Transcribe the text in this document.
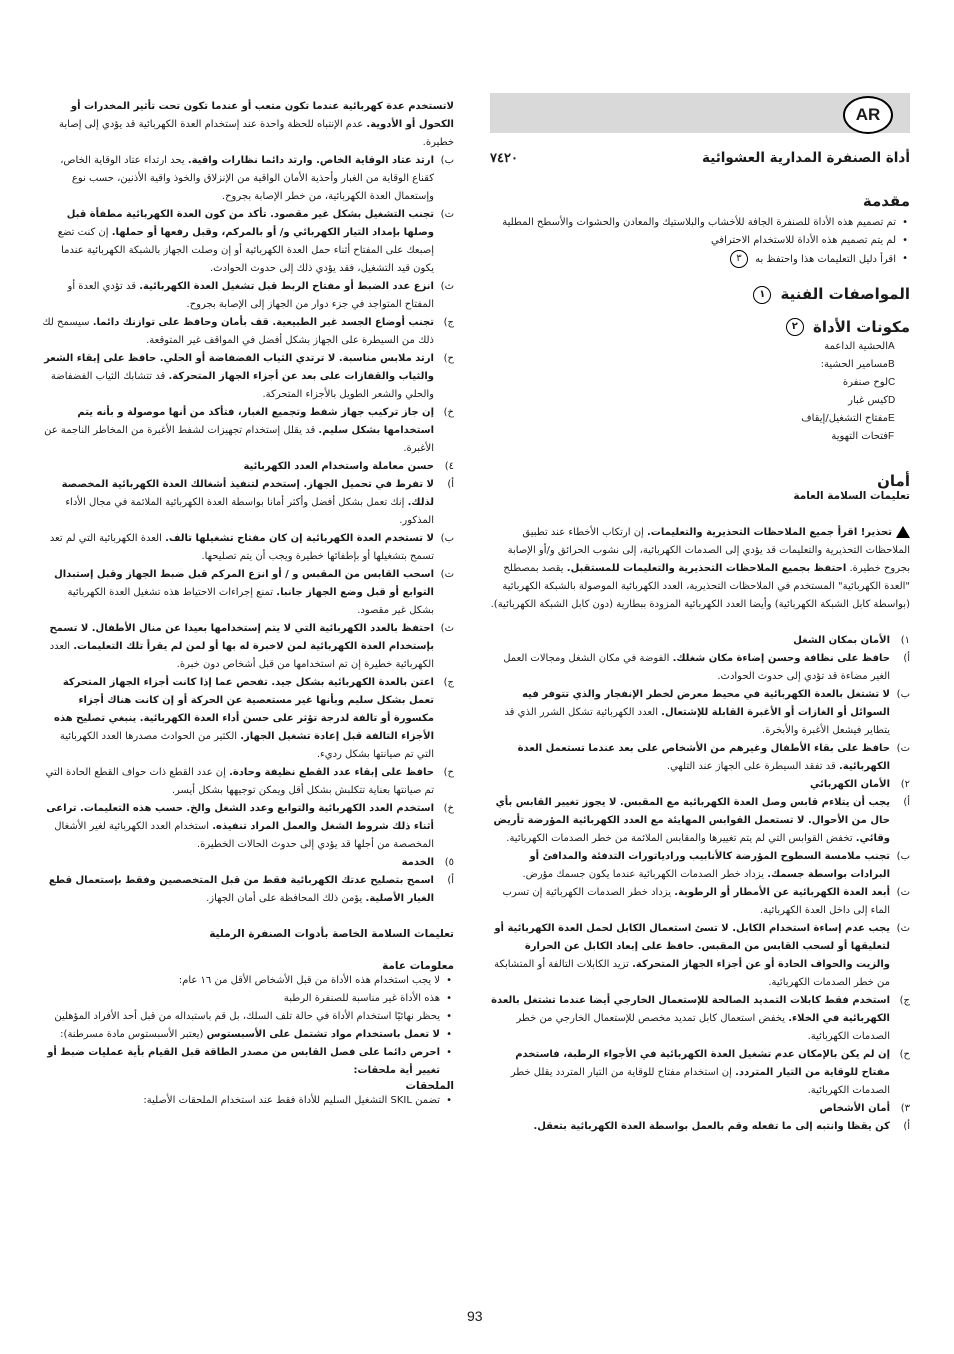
AR
أداة الصنفرة المدارية العشوائية
٧٤٢٠
مقدمة
• تم تصميم هذه الأداة للصنفرة الجافة للأخشاب والبلاستيك والمعادن والحشوات والأسطح المطلية
• لم يتم تصميم هذه الأداة للاستخدام الاحترافي
• اقرأ دليل التعليمات هذا واحتفظ به ٣
المواصفات الفنية ١
مكونات الأداة ٢
A
الحشية الداعمة
B
مسامير الحشية:
C
لوح صنفرة
D
كيس غبار
E
مفتاح التشغيل/إيقاف
F
فتحات التهوية
أمان
تعليمات السلامة العامة

تحذير! اقرأ جميع الملاحظات التحذيرية والتعليمات. إن ارتكاب الأخطاء عند تطبيق الملاحظات التحذيرية والتعليمات قد يؤدي إلى الصدمات الكهربائية، إلى نشوب الحرائق و/أو الإصابة بجروح خطيرة. احتفظ بجميع الملاحظات التحذيرية والتعليمات للمستقبل. يقصد بمصطلح "العدة الكهربائية" المستخدم في الملاحظات التحذيرية، العدد الكهربائية الموصولة بالشبكة الكهربائية (بواسطة كابل الشبكة الكهربائية) وأيضا العدد الكهربائية المزودة ببطارية (دون كابل الشبكة الكهربائية).

١)
الأمان بمكان الشغل
أ)
حافظ على نظافة وحسن إضاءة مكان شغلك. الفوضة في مكان الشغل ومجالات العمل الغير مضاءة قد تؤدي إلى حدوث الحوادث.
ب)
لا تشتغل بالعدة الكهربائية في محيط معرض لخطر الإنفجار والذي تتوفر فيه السوائل أو الغازات أو الأغبرة القابلة للإشتعال. العدد الكهربائية تشكل الشرر الذي قد يتطاير فيشعل الأغبرة والأبخرة.
ت)
حافظ على بقاء الأطفال وغيرهم من الأشخاص على بعد عندما تستعمل العدة الكهربائية. قد تفقد السيطرة على الجهاز عند التلهي.
٢)
الأمان الكهربائي
أ)
يجب أن يتلاءم قابس وصل العدة الكهربائية مع المقبس. لا يجوز تغيير القابس بأي حال من الأحوال. لا تستعمل القوابس المهايئة مع العدد الكهربائية المؤرضة تأريض وقائي. تخفض القوابس التي لم يتم تغييرها والمقابس الملائمة من خطر الصدمات الكهربائية.
ب)
تجنب ملامسة السطوح المؤرضة كالأنابيب ورادياتورات التدفئة والمدافئ أو البرادات بواسطة جسمك. يزداد خطر الصدمات الكهربائية عندما يكون جسمك مؤرض.
ت)
أبعد العدة الكهربائية عن الأمطار أو الرطوبة. يزداد خطر الصدمات الكهربائية إن تسرب الماء إلى داخل العدة الكهربائية.
ث)
يجب عدم إساءة استخدام الكابل. لا تسئ استعمال الكابل لحمل العدة الكهربائية أو لتعليقها أو لسحب القابس من المقبس. حافظ على إبعاد الكابل عن الحرارة والزيت والحواف الحادة أو عن أجزاء الجهاز المتحركة. تزيد الكابلات التالفة أو المتشابكة من خطر الصدمات الكهربائية.
ج)
استخدم فقط كابلات التمديد الصالحة للإستعمال الخارجي أيضا عندما تشتغل بالعدة الكهربائية في الخلاء. يخفض استعمال كابل تمديد مخصص للإستعمال الخارجي من خطر الصدمات الكهربائية.
ح)
إن لم يكن بالإمكان عدم تشغيل العدة الكهربائية في الأجواء الرطبة، فاستخدم مفتاح للوقاية من التيار المتردد. إن استخدام مفتاح للوقاية من التيار المتردد يقلل خطر الصدمات الكهربائية.
٣)
أمان الأشخاص
أ)
كن يقظا وانتبه إلى ما تفعله وقم بالعمل بواسطة العدة الكهربائية بتعقل.

لاتستخدم عدة كهربائية عندما تكون متعب أو عندما تكون تحت تأثير المخدرات أو الكحول أو الأدوية. عدم الإنتباه للحظة واحدة عند إستخدام العدة الكهربائية قد يؤدي إلى إصابة خطيرة.

ب)
ارتد عتاد الوقاية الخاص. وارتد دائما نظارات واقية. يحد ارتداء عتاد الوقاية الخاص، كقناع الوقاية من الغبار وأحذية الأمان الواقية من الإنزلاق والخوذ واقية الأذنين، حسب نوع وإستعمال العدة الكهربائية، من خطر الإصابة بجروح.
ت)
تجنب التشغيل بشكل غير مقصود. تأكد من كون العدة الكهربائية مطفأة قبل وصلها بإمداد التيار الكهربائي و/ أو بالمركم، وقبل رفعها أو حملها. إن كنت تضع إصبعك على المفتاح أثناء حمل العدة الكهربائية أو إن وصلت الجهاز بالشبكة الكهربائية عندما يكون قيد التشغيل، فقد يؤدي ذلك إلى حدوث الحوادث.
ث)
انزع عدد الضبط أو مفتاح الربط قبل تشغيل العدة الكهربائية. قد تؤدي العدة أو المفتاح المتواجد في جزء دوار من الجهاز إلى الإصابة بجروح.
ج)
تجنب أوضاع الجسد غير الطبيعية. قف بأمان وحافظ على توازنك دائما. سيسمح لك ذلك من السيطرة على الجهاز بشكل أفضل في المواقف غير المتوقعة.
ح)
ارتد ملابس مناسبة. لا ترتدي الثياب الفضفاضة أو الحلي. حافظ على إبقاء الشعر والثياب والقفازات على بعد عن أجزاء الجهاز المتحركة. قد تتشابك الثياب الفضفاضة والحلي والشعر الطويل بالأجزاء المتحركة.
خ)
إن جاز تركيب جهاز شفط وتجميع الغبار، فتأكد من أنها موصولة و بأنه يتم استخدامها بشكل سليم. قد يقلل إستخدام تجهيزات لشفط الأغبرة من المخاطر الناجمة عن الأغبرة.
٤)
حسن معاملة واستخدام العدد الكهربائية
أ)
لا تفرط في تحميل الجهاز. إستخدم لتنفيذ أشغالك العدة الكهربائية المخصصة لذلك. إنك تعمل بشكل أفضل وأكثر أمانا بواسطة العدة الكهربائية الملائمة في مجال الأداء المذكور.
ب)
لا تستخدم العدة الكهربائية إن كان مفتاح تشغيلها تالف. العدة الكهربائية التي لم تعد تسمح بتشغيلها أو بإطفائها خطيرة ويجب أن يتم تصليحها.
ت)
اسحب القابس من المقبس و / أو انزع المركم قبل ضبط الجهاز وقبل إستبدال التوابع أو قبل وضع الجهاز جانبا. تمنع إجراءات الاحتياط هذه تشغيل العدة الكهربائية بشكل غير مقصود.
ث)
احتفظ بالعدد الكهربائية التي لا يتم إستخدامها بعيدا عن منال الأطفال. لا تسمح بإستخدام العدة الكهربائية لمن لاخبرة له بها أو لمن لم يقرأ تلك التعليمات. العدد الكهربائية خطيرة إن تم استخدامها من قبل أشخاص دون خبرة.
ج)
اعتن بالعدة الكهربائية بشكل جيد. تفحص عما إذا كانت أجزاء الجهاز المتحركة تعمل بشكل سليم وبأنها غير مستعصية عن الحركة أو إن كانت هناك أجزاء مكسورة أو تالفة لدرجة تؤثر على حسن أداء العدة الكهربائية. ينبغي تصليح هذه الأجزاء التالفة قبل إعادة تشغيل الجهاز. الكثير من الحوادث مصدرها العدد الكهربائية التي تم صيانتها بشكل رديء.
ح)
حافظ على إبقاء عدد القطع نظيفة وحادة. إن عدد القطع ذات حواف القطع الحادة التي تم صيانتها بعناية تتكلبش بشكل أقل ويمكن توجيهها بشكل أيسر.
خ)
استخدم العدد الكهربائية والتوابع وعدد الشغل والخ. حسب هذه التعليمات. تراعى أثناء ذلك شروط الشغل والعمل المراد تنفيذه. استخدام العدد الكهربائية لغير الأشغال المخصصة من أجلها قد يؤدي إلى حدوث الحالات الخطيرة.
٥)
الخدمة
أ)
اسمح بتصليح عدتك الكهربائية فقط من قبل المتخصصين وفقط بإستعمال قطع الغيار الأصلية. يؤمن ذلك المحافظة على أمان الجهاز.
تعليمات السلامة الخاصة بأدوات الصنفرة الرملية
معلومات عامة
• لا يجب استخدام هذه الأداة من قبل الأشخاص الأقل من ١٦ عام:
• هذه الأداة غير مناسبة للصنفرة الرطبة
• يحظر نهائيًا استخدام الأداة في حالة تلف السلك، بل قم باستبداله من قبل أحد الأفراد المؤهلين
• لا تعمل باستخدام مواد تشتمل على الأسبستوس (يعتبر الأسبستوس مادة مسرطنة):
• احرص دائما على فصل القابس من مصدر الطاقة قبل القيام بأية عمليات ضبط أو تغيير أية ملحقات:
الملحقات
• تضمن SKIL التشغيل السليم للأداة فقط عند استخدام الملحقات الأصلية:
93
